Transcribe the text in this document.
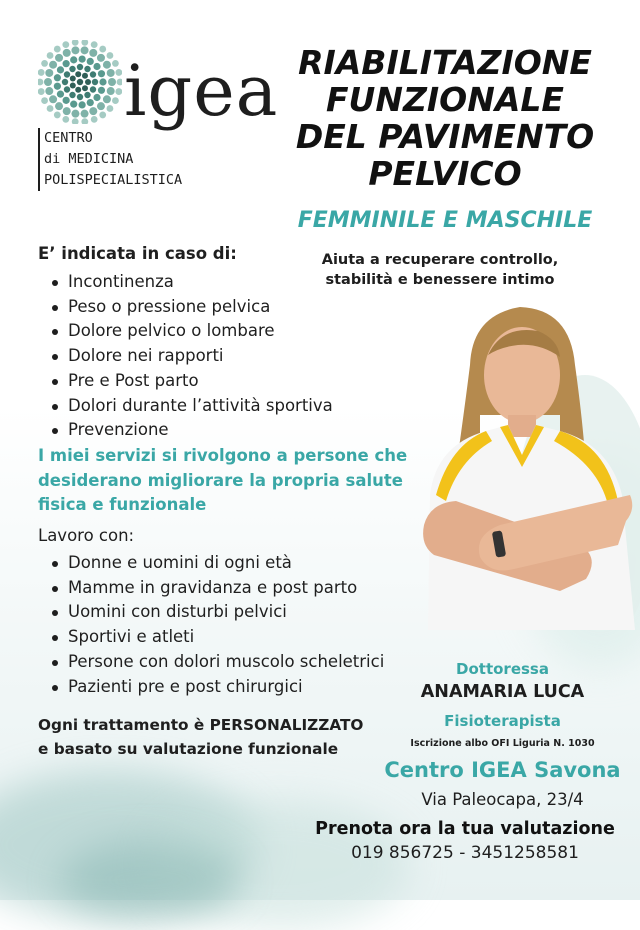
igea
CENTRO
di MEDICINA
POLISPECIALISTICA
RIABILITAZIONE
FUNZIONALE
DEL PAVIMENTO
PELVICO
FEMMINILE E MASCHILE
Aiuta a recuperare controllo, stabilità e benessere intimo
E’ indicata in caso di:
Incontinenza
Peso o pressione pelvica
Dolore pelvico o lombare
Dolore nei rapporti
Pre e Post parto
Dolori durante l’attività sportiva
Prevenzione
I miei servizi si rivolgono a persone che desiderano migliorare la propria salute fisica e funzionale
Lavoro con:
Donne e uomini di ogni età
Mamme in gravidanza e post parto
Uomini con disturbi pelvici
Sportivi e atleti
Persone con dolori muscolo scheletrici
Pazienti pre e post chirurgici
Ogni trattamento è PERSONALIZZATO
e basato su valutazione funzionale
Dottoressa
ANAMARIA LUCA
Fisioterapista
Iscrizione albo OFI Liguria N. 1030
Centro IGEA Savona
Via Paleocapa, 23/4
Prenota ora la tua valutazione
019 856725 - 3451258581
